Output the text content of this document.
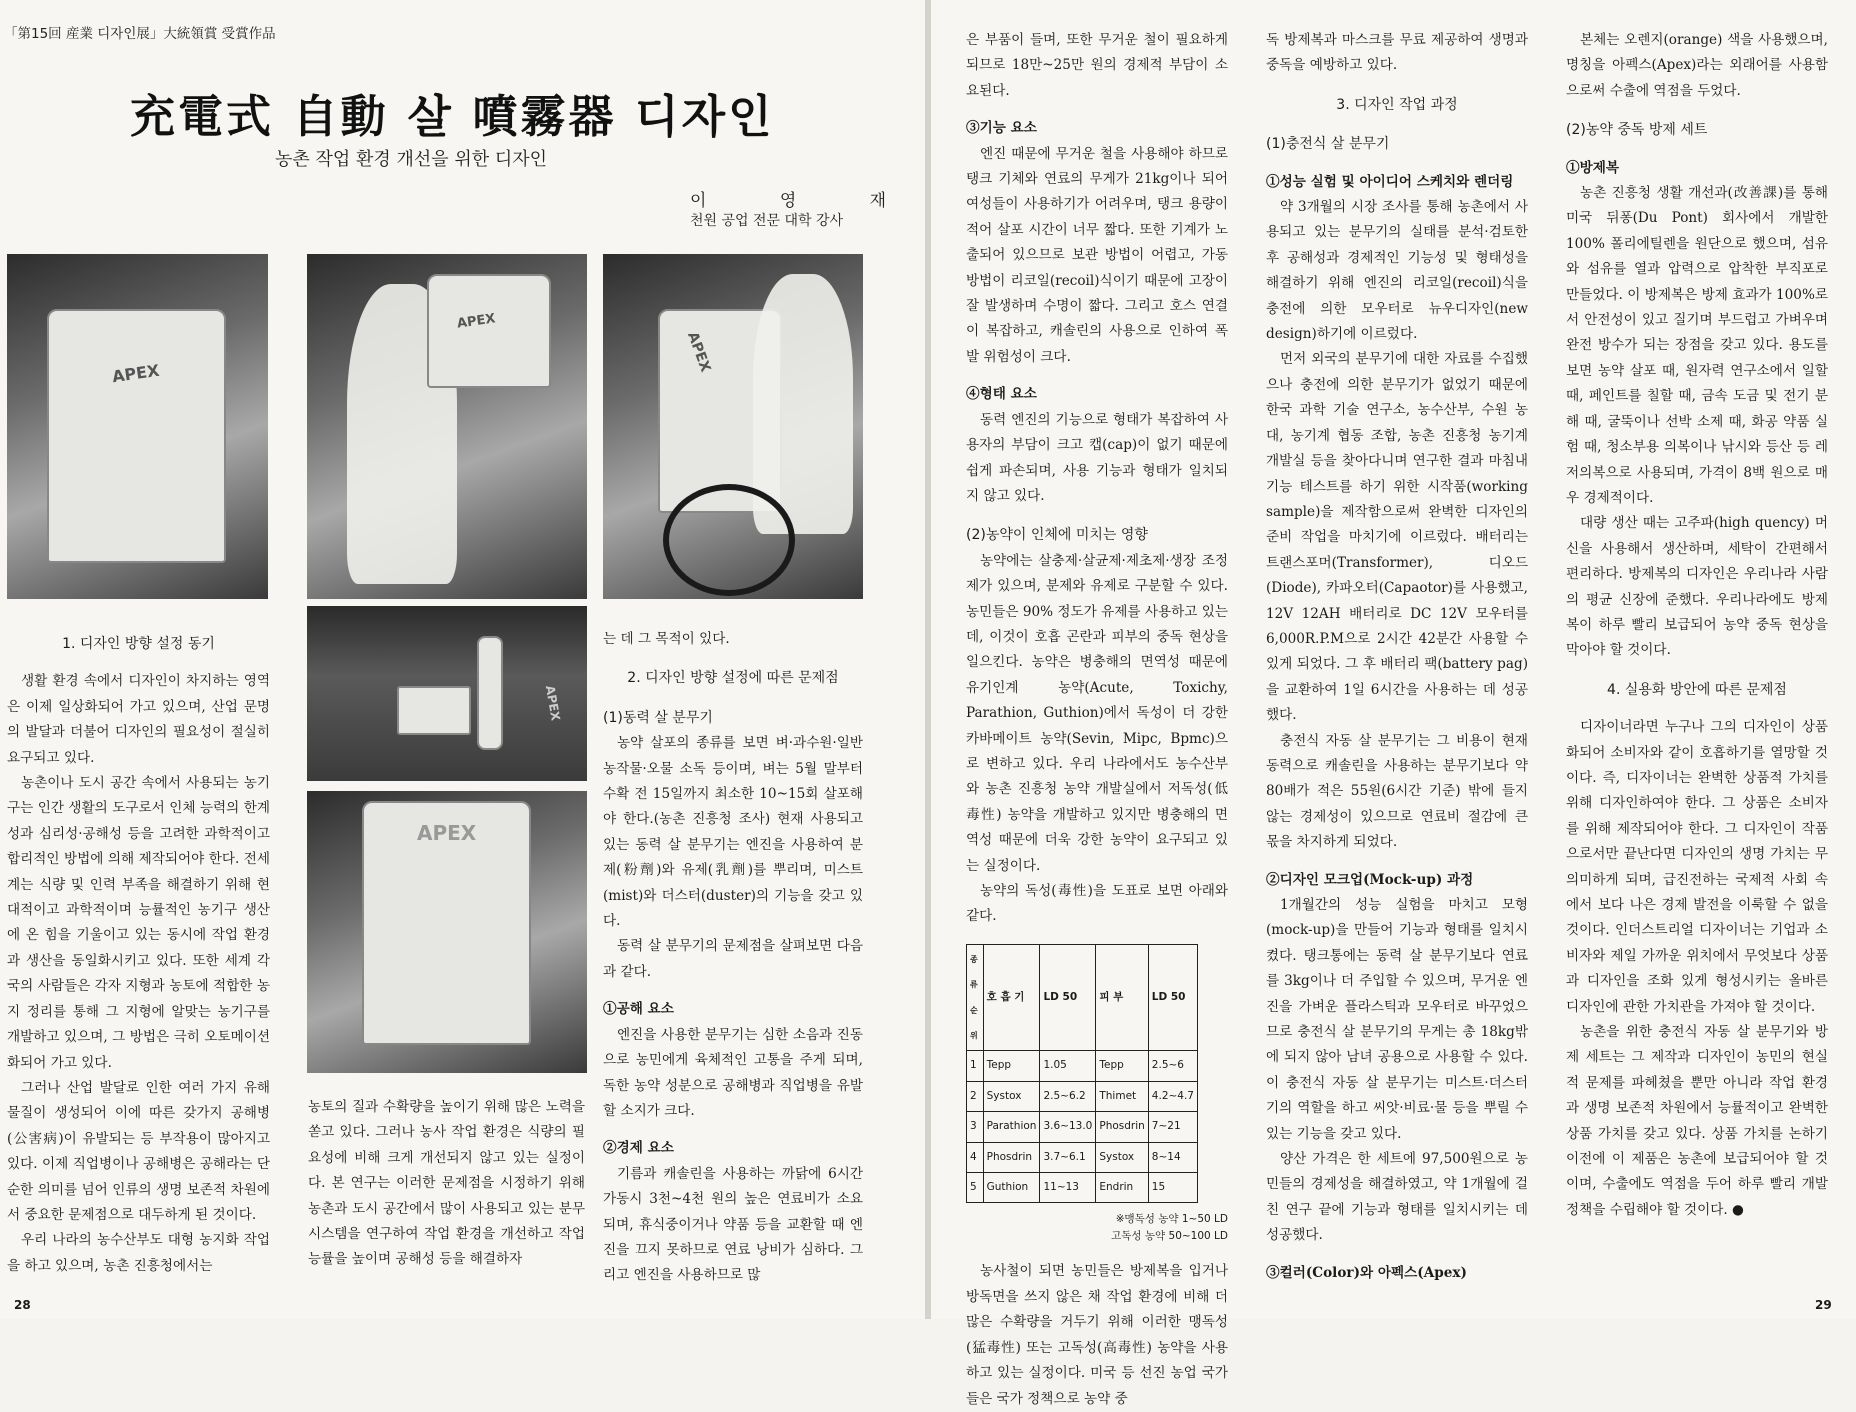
「第15回 産業 디자인展」大統領賞 受賞作品
充電式 自動 살 噴霧器 디자인
농촌 작업 환경 개선을 위한 디자인
이 영 재
천원 공업 전문 대학 강사
APEX
APEX
APEX
APEX
APEX
1. 디자인 방향 설정 동기

생활 환경 속에서 디자인이 차지하는 영역은 이제 일상화되어 가고 있으며, 산업 문명의 발달과 더불어 디자인의 필요성이 절실히 요구되고 있다.

농촌이나 도시 공간 속에서 사용되는 농기구는 인간 생활의 도구로서 인체 능력의 한계성과 심리성·공해성 등을 고려한 과학적이고 합리적인 방법에 의해 제작되어야 한다. 전세계는 식량 및 인력 부족을 해결하기 위해 현대적이고 과학적이며 능률적인 농기구 생산에 온 힘을 기울이고 있는 동시에 작업 환경과 생산을 동일화시키고 있다. 또한 세계 각국의 사람들은 각자 지형과 농토에 적합한 농지 정리를 통해 그 지형에 알맞는 농기구를 개발하고 있으며, 그 방법은 극히 오토메이션화되어 가고 있다.

그러나 산업 발달로 인한 여러 가지 유해 물질이 생성되어 이에 따른 갖가지 공해병(公害病)이 유발되는 등 부작용이 많아지고 있다. 이제 직업병이나 공해병은 공해라는 단순한 의미를 넘어 인류의 생명 보존적 차원에서 중요한 문제점으로 대두하게 된 것이다.

우리 나라의 농수산부도 대형 농지화 작업을 하고 있으며, 농촌 진흥청에서는

농토의 질과 수확량을 높이기 위해 많은 노력을 쏟고 있다. 그러나 농사 작업 환경은 식량의 필요성에 비해 크게 개선되지 않고 있는 실정이다. 본 연구는 이러한 문제점을 시정하기 위해 농촌과 도시 공간에서 많이 사용되고 있는 분무 시스템을 연구하여 작업 환경을 개선하고 작업 능률을 높이며 공해성 등을 해결하자

는 데 그 목적이 있다.

2. 디자인 방향 설정에 따른 문제점
(1)동력 살 분무기

농약 살포의 종류를 보면 벼·과수원·일반 농작물·오물 소독 등이며, 벼는 5월 말부터 수확 전 15일까지 최소한 10~15회 살포해야 한다.(농촌 진흥청 조사) 현재 사용되고 있는 동력 살 분무기는 엔진을 사용하여 분제(粉劑)와 유제(乳劑)를 뿌리며, 미스트(mist)와 더스터(duster)의 기능을 갖고 있다.

동력 살 분무기의 문제점을 살펴보면 다음과 같다.

①공해 요소

엔진을 사용한 분무기는 심한 소음과 진동으로 농민에게 육체적인 고통을 주게 되며, 독한 농약 성분으로 공해병과 직업병을 유발할 소지가 크다.

②경제 요소

기름과 캐솔린을 사용하는 까닭에 6시간 가동시 3천~4천 원의 높은 연료비가 소요되며, 휴식중이거나 약품 등을 교환할 때 엔진을 끄지 못하므로 연료 낭비가 심하다. 그리고 엔진을 사용하므로 많

28

은 부품이 들며, 또한 무거운 철이 필요하게 되므로 18만~25만 원의 경제적 부담이 소요된다.

③기능 요소

엔진 때문에 무거운 철을 사용해야 하므로 탱크 기체와 연료의 무게가 21kg이나 되어 여성들이 사용하기가 어려우며, 탱크 용량이 적어 살포 시간이 너무 짧다. 또한 기계가 노출되어 있으므로 보관 방법이 어렵고, 가동 방법이 리코일(recoil)식이기 때문에 고장이 잘 발생하며 수명이 짧다. 그리고 호스 연결이 복잡하고, 캐솔린의 사용으로 인하여 폭발 위험성이 크다.

④형태 요소

동력 엔진의 기능으로 형태가 복잡하여 사용자의 부담이 크고 캡(cap)이 없기 때문에 쉽게 파손되며, 사용 기능과 형태가 일치되지 않고 있다.

(2)농약이 인체에 미치는 영향

농약에는 살충제·살균제·제초제·생장 조정제가 있으며, 분제와 유제로 구분할 수 있다. 농민들은 90% 정도가 유제를 사용하고 있는데, 이것이 호흡 곤란과 피부의 중독 현상을 일으킨다. 농약은 병충해의 면역성 때문에 유기인계 농약(Acute, Toxichy, Parathion, Guthion)에서 독성이 더 강한 카바메이트 농약(Sevin, Mipc, Bpmc)으로 변하고 있다. 우리 나라에서도 농수산부와 농촌 진흥청 농약 개발실에서 저독성(低毒性) 농약을 개발하고 있지만 병충해의 면역성 때문에 더욱 강한 농약이 요구되고 있는 실정이다.

농약의 독성(毒性)을 도표로 보면 아래와 같다.

종류 순위	호 흡 기	LD 50	피 부	LD 50
1	Tepp	1.05	Tepp	2.5~6
2	Systox	2.5~6.2	Thimet	4.2~4.7
3	Parathion	3.6~13.0	Phosdrin	7~21
4	Phosdrin	3.7~6.1	Systox	8~14
5	Guthion	11~13	Endrin	15
※맹독성 농약 1~50 LD
고독성 농약 50~100 LD

농사철이 되면 농민들은 방제복을 입거나 방독면을 쓰지 않은 채 작업 환경에 비해 더 많은 수확량을 거두기 위해 이러한 맹독성(猛毒性) 또는 고독성(高毒性) 농약을 사용하고 있는 실정이다. 미국 등 선진 농업 국가들은 국가 정책으로 농약 중

독 방제복과 마스크를 무료 제공하여 생명과 중독을 예방하고 있다.

3. 디자인 작업 과정
(1)충전식 살 분무기
①성능 실험 및 아이디어 스케치와 렌더링

약 3개월의 시장 조사를 통해 농촌에서 사용되고 있는 분무기의 실태를 분석·검토한 후 공해성과 경제적인 기능성 및 형태성을 해결하기 위해 엔진의 리코일(recoil)식을 충전에 의한 모우터로 뉴우디자인(new design)하기에 이르렀다.

먼저 외국의 분무기에 대한 자료를 수집했으나 충전에 의한 분무기가 없었기 때문에 한국 과학 기술 연구소, 농수산부, 수원 농대, 농기계 협동 조합, 농촌 진흥청 농기계 개발실 등을 찾아다니며 연구한 결과 마침내 기능 테스트를 하기 위한 시작품(working sample)을 제작함으로써 완벽한 디자인의 준비 작업을 마치기에 이르렀다. 배터리는 트랜스포머(Transformer), 디오드(Diode), 카파오터(Capaotor)를 사용했고, 12V 12AH 배터리로 DC 12V 모우터를 6,000R.P.M으로 2시간 42분간 사용할 수 있게 되었다. 그 후 배터리 팩(battery pag)을 교환하여 1일 6시간을 사용하는 데 성공했다.

충전식 자동 살 분무기는 그 비용이 현재 동력으로 캐솔린을 사용하는 분무기보다 약 80배가 적은 55원(6시간 기준) 밖에 들지 않는 경제성이 있으므로 연료비 절감에 큰 몫을 차지하게 되었다.

②디자인 모크업(Mock-up) 과정

1개월간의 성능 실험을 마치고 모형(mock-up)을 만들어 기능과 형태를 일치시켰다. 탱크통에는 동력 살 분무기보다 연료를 3kg이나 더 주입할 수 있으며, 무거운 엔진을 가벼운 플라스틱과 모우터로 바꾸었으므로 충전식 살 분무기의 무게는 총 18kg밖에 되지 않아 남녀 공용으로 사용할 수 있다. 이 충전식 자동 살 분무기는 미스트·더스터 기의 역할을 하고 씨앗·비료·물 등을 뿌릴 수 있는 기능을 갖고 있다.

양산 가격은 한 세트에 97,500원으로 농민들의 경제성을 해결하였고, 약 1개월에 걸친 연구 끝에 기능과 형태를 일치시키는 데 성공했다.

③컬러(Color)와 아펙스(Apex)

본체는 오렌지(orange) 색을 사용했으며, 명칭을 아펙스(Apex)라는 외래어를 사용함으로써 수출에 역점을 두었다.

(2)농약 중독 방제 세트
①방제복

농촌 진흥청 생활 개선과(改善課)를 통해 미국 뒤퐁(Du Pont) 회사에서 개발한 100% 폴리에틸렌을 원단으로 했으며, 섬유와 섬유를 열과 압력으로 압착한 부직포로 만들었다. 이 방제복은 방제 효과가 100%로서 안전성이 있고 질기며 부드럽고 가벼우며 완전 방수가 되는 장점을 갖고 있다. 용도를 보면 농약 살포 때, 원자력 연구소에서 일할 때, 페인트를 칠할 때, 금속 도금 및 전기 분해 때, 굴뚝이나 선박 소제 때, 화공 약품 실험 때, 청소부용 의복이나 낚시와 등산 등 레저의복으로 사용되며, 가격이 8백 원으로 매우 경제적이다.

대량 생산 때는 고주파(high quency) 머신을 사용해서 생산하며, 세탁이 간편해서 편리하다. 방제복의 디자인은 우리나라 사람의 평균 신장에 준했다. 우리나라에도 방제복이 하루 빨리 보급되어 농약 중독 현상을 막아야 할 것이다.

4. 실용화 방안에 따른 문제점

디자이너라면 누구나 그의 디자인이 상품화되어 소비자와 같이 호흡하기를 열망할 것이다. 즉, 디자이너는 완벽한 상품적 가치를 위해 디자인하여야 한다. 그 상품은 소비자를 위해 제작되어야 한다. 그 디자인이 작품으로서만 끝난다면 디자인의 생명 가치는 무의미하게 되며, 급진전하는 국제적 사회 속에서 보다 나은 경제 발전을 이룩할 수 없을 것이다. 인더스트리얼 디자이너는 기업과 소비자와 제일 가까운 위치에서 무엇보다 상품과 디자인을 조화 있게 형성시키는 올바른 디자인에 관한 가치관을 가져야 할 것이다.

농촌을 위한 충전식 자동 살 분무기와 방제 세트는 그 제작과 디자인이 농민의 현실적 문제를 파헤쳤을 뿐만 아니라 작업 환경과 생명 보존적 차원에서 능률적이고 완벽한 상품 가치를 갖고 있다. 상품 가치를 논하기 이전에 이 제품은 농촌에 보급되어야 할 것이며, 수출에도 역점을 두어 하루 빨리 개발 정책을 수립해야 할 것이다. ●

29
